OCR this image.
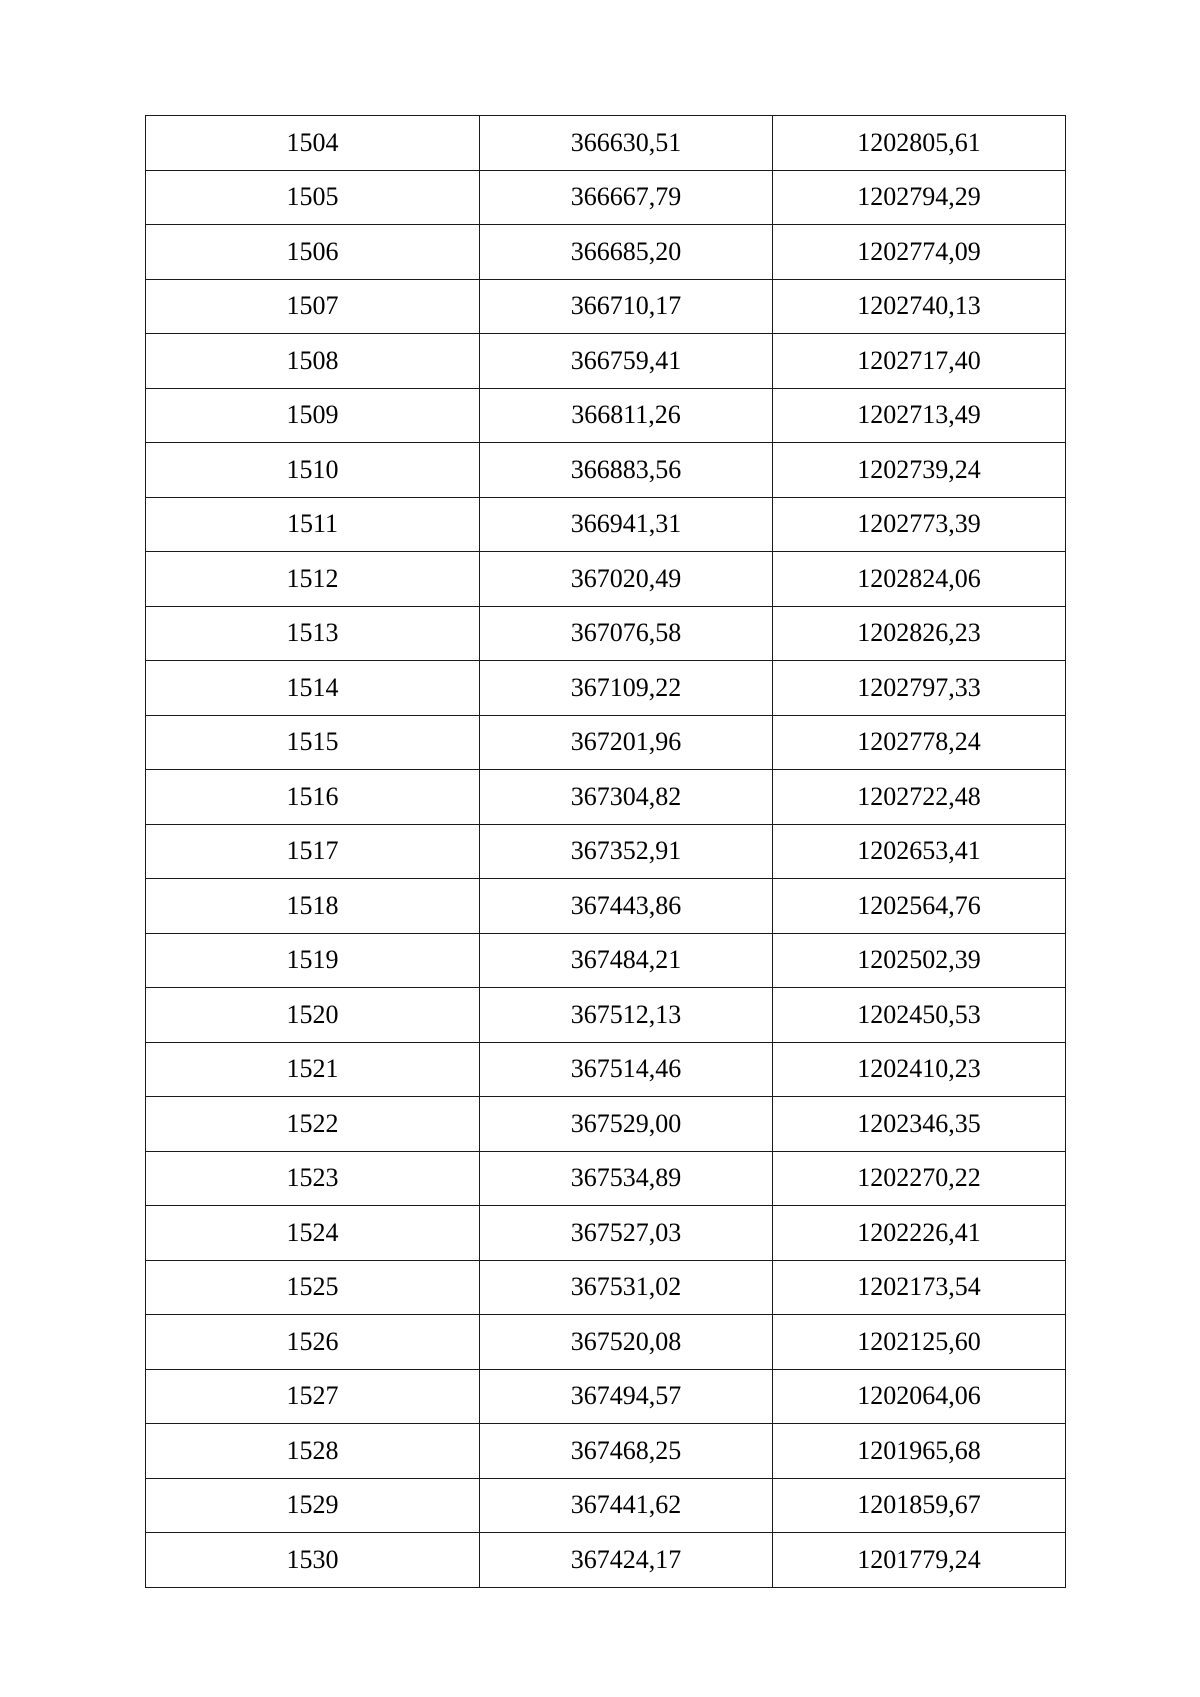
1504	366630,51	1202805,61
1505	366667,79	1202794,29
1506	366685,20	1202774,09
1507	366710,17	1202740,13
1508	366759,41	1202717,40
1509	366811,26	1202713,49
1510	366883,56	1202739,24
1511	366941,31	1202773,39
1512	367020,49	1202824,06
1513	367076,58	1202826,23
1514	367109,22	1202797,33
1515	367201,96	1202778,24
1516	367304,82	1202722,48
1517	367352,91	1202653,41
1518	367443,86	1202564,76
1519	367484,21	1202502,39
1520	367512,13	1202450,53
1521	367514,46	1202410,23
1522	367529,00	1202346,35
1523	367534,89	1202270,22
1524	367527,03	1202226,41
1525	367531,02	1202173,54
1526	367520,08	1202125,60
1527	367494,57	1202064,06
1528	367468,25	1201965,68
1529	367441,62	1201859,67
1530	367424,17	1201779,24
